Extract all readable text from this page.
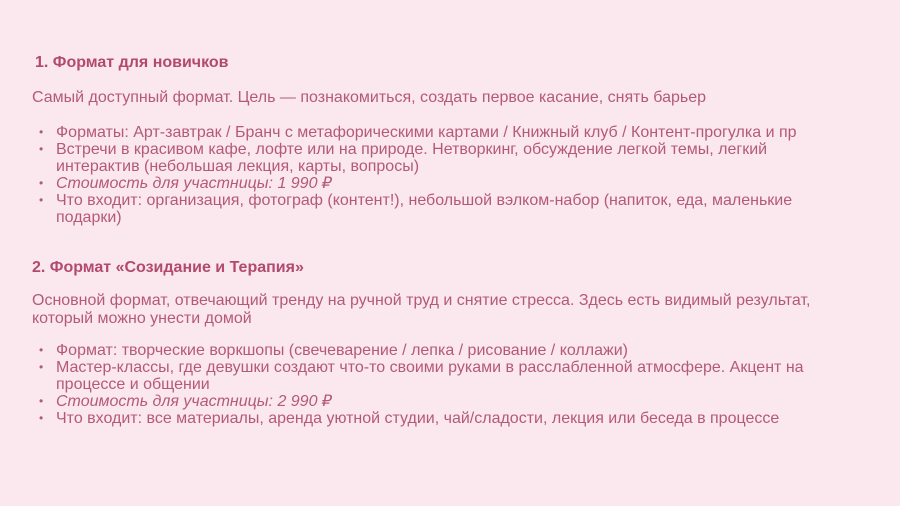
1. Формат для новичков

Самый доступный формат. Цель — познакомиться, создать первое касание, снять барьер

• Форматы: Арт-завтрак / Бранч с метафорическими картами / Книжный клуб / Контент-прогулка и пр
• Встречи в красивом кафе, лофте или на природе. Нетворкинг, обсуждение легкой темы, легкий интерактив (небольшая лекция, карты, вопросы)
• Стоимость для участницы: 1 990 ₽
• Что входит: организация, фотограф (контент!), небольшой вэлком-набор (напиток, еда, маленькие подарки)
2. Формат «Созидание и Терапия»

Основной формат, отвечающий тренду на ручной труд и снятие стресса. Здесь есть видимый результат, который можно унести домой

• Формат: творческие воркшопы (свечеварение / лепка / рисование / коллажи)
• Мастер-классы, где девушки создают что-то своими руками в расслабленной атмосфере. Акцент на процессе и общении
• Стоимость для участницы: 2 990 ₽
• Что входит: все материалы, аренда уютной студии, чай/сладости, лекция или беседа в процессе
